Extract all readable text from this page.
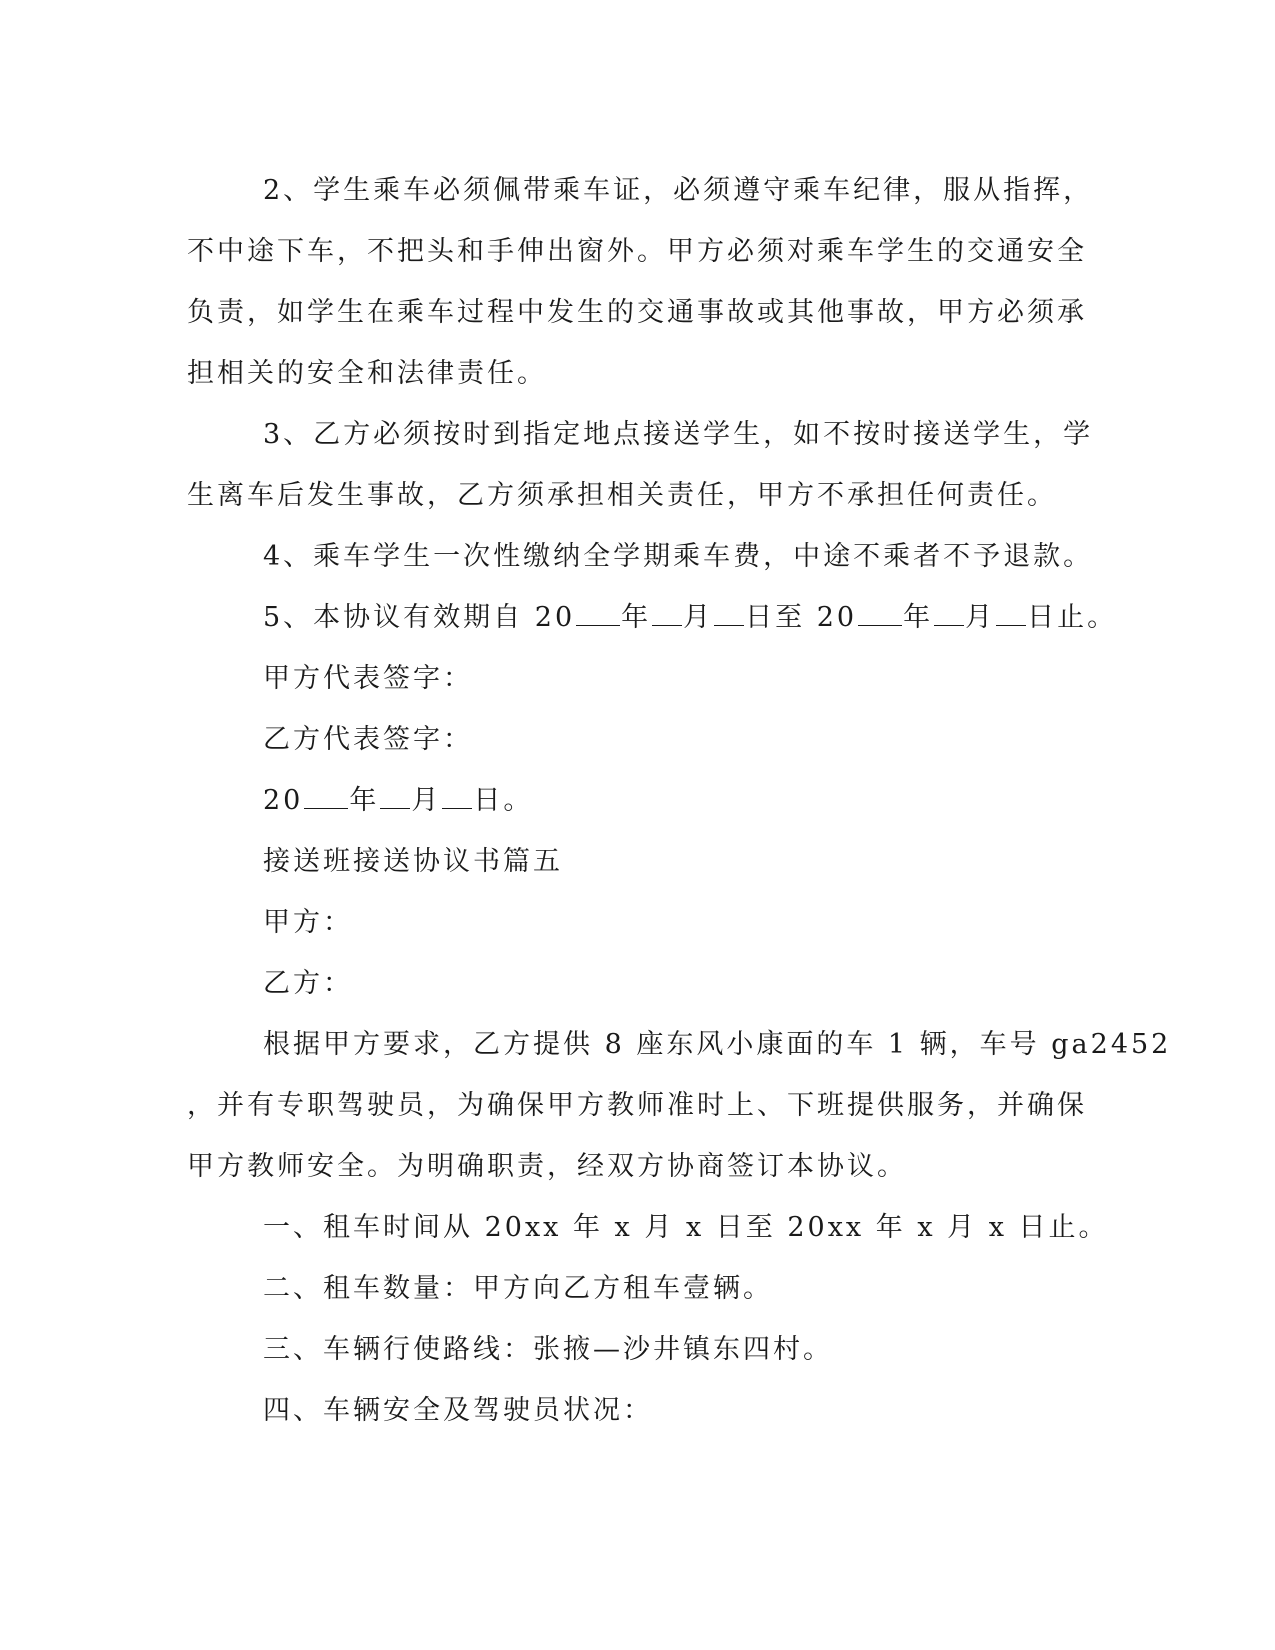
2、学生乘车必须佩带乘车证，必须遵守乘车纪律，服从指挥，
不中途下车，不把头和手伸出窗外。甲方必须对乘车学生的交通安全
负责，如学生在乘车过程中发生的交通事故或其他事故，甲方必须承
担相关的安全和法律责任。
3、乙方必须按时到指定地点接送学生，如不按时接送学生，学
生离车后发生事故，乙方须承担相关责任，甲方不承担任何责任。
4、乘车学生一次性缴纳全学期乘车费，中途不乘者不予退款。
5、本协议有效期自 20 年 月 日至 20 年 月 日止。
甲方代表签字：
乙方代表签字：
20 年 月 日。
接送班接送协议书篇五
甲方：
乙方：
根据甲方要求，乙方提供 8 座东风小康面的车 1 辆，车号 ga2452
，并有专职驾驶员，为确保甲方教师准时上、下班提供服务，并确保
甲方教师安全。为明确职责，经双方协商签订本协议。
一、租车时间从 20xx 年 x 月 x 日至 20xx 年 x 月 x 日止。
二、租车数量：甲方向乙方租车壹辆。
三、车辆行使路线：张掖—沙井镇东四村。
四、车辆安全及驾驶员状况：
